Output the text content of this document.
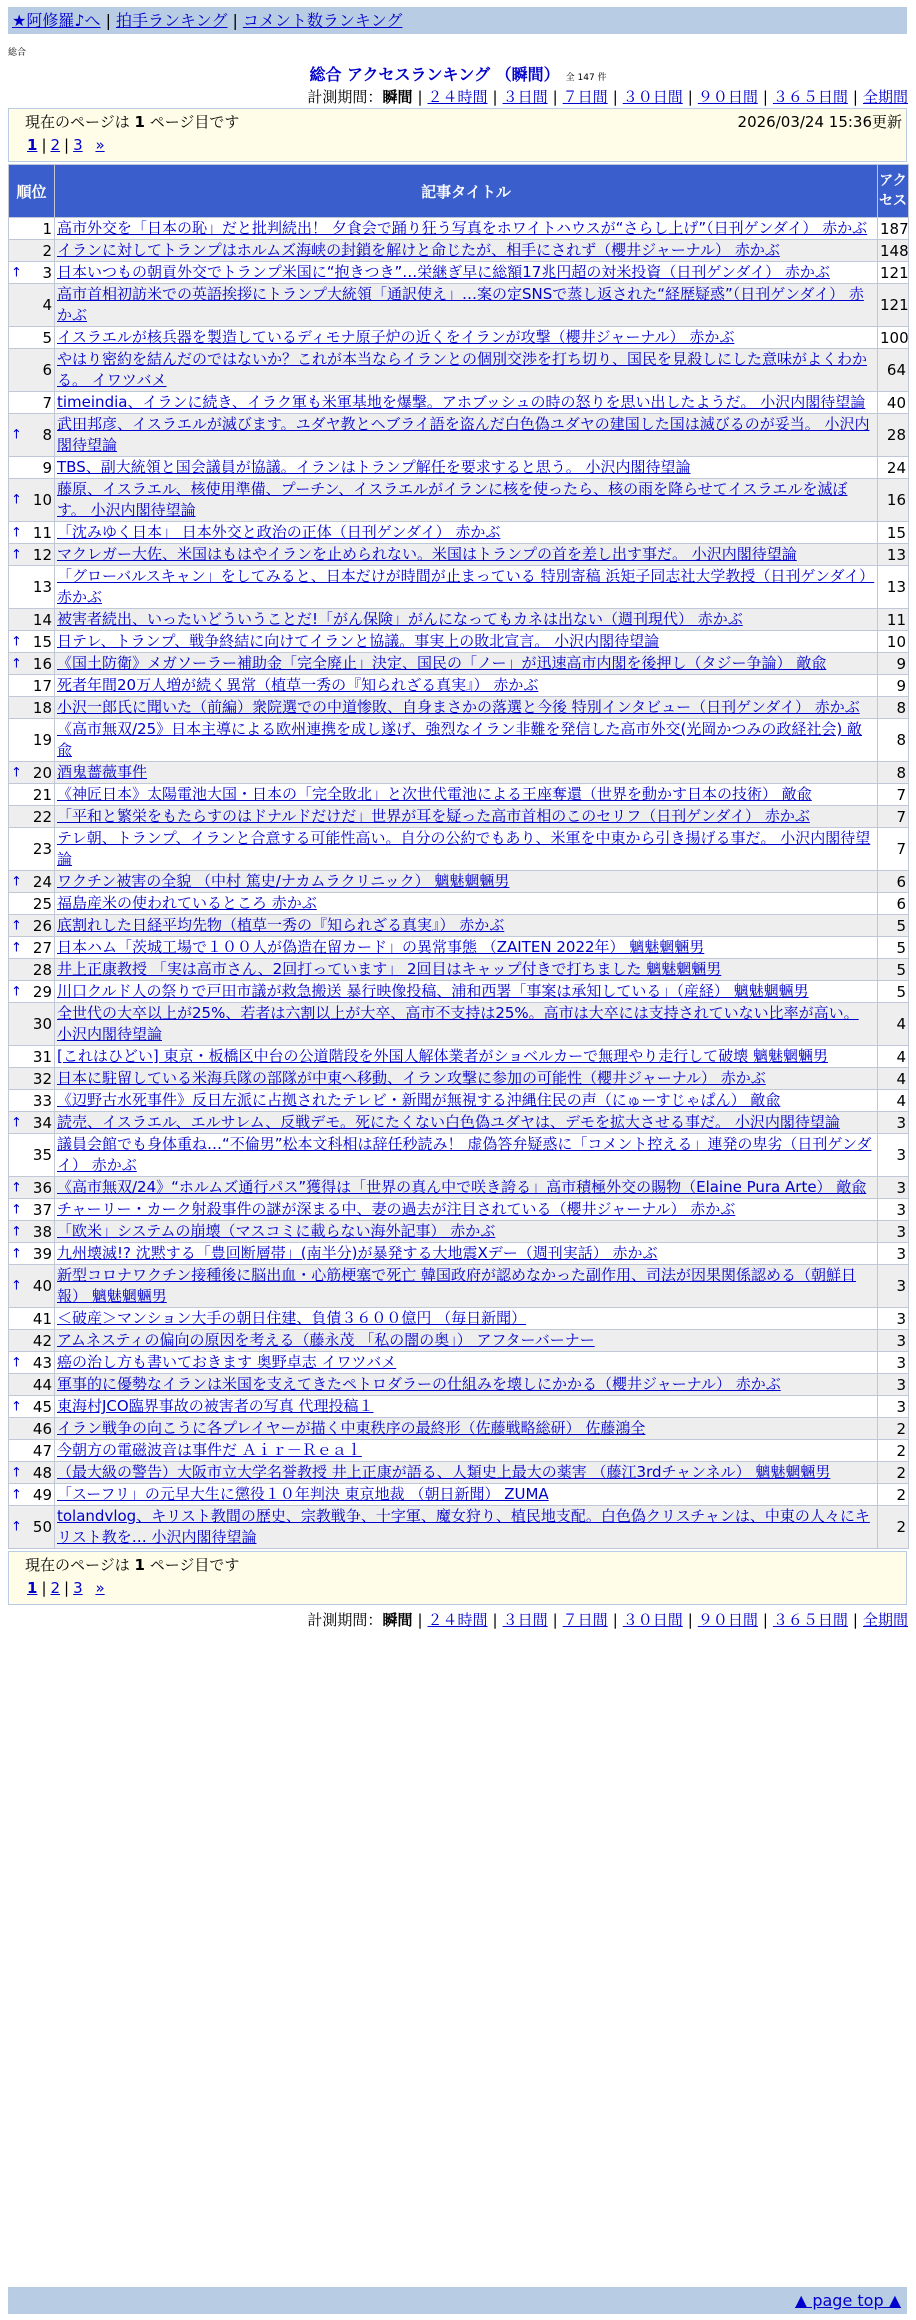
★阿修羅♪へ | 拍手ランキング | コメント数ランキング
総合
総合 アクセスランキング （瞬間） 全 147 件
計測期間：瞬間 | ２４時間 | ３日間 | ７日間 | ３０日間 | ９０日間 | ３６５日間 | 全期間
現在のページは 1 ページ目です	2026/03/24 15:36更新
1 | 2 | 3 »
順位	記事タイトル	アクセス
1	高市外交を「日本の恥」だと批判続出！ 夕食会で踊り狂う写真をホワイトハウスが“さらし上げ”（日刊ゲンダイ） 赤かぶ	187
2	イランに対してトランプはホルムズ海峡の封鎖を解けと命じたが、相手にされず（櫻井ジャーナル） 赤かぶ	148

↑ 3	日本いつもの朝貢外交でトランプ米国に“抱きつき”…栄継ぎ早に総額17兆円超の対米投資（日刊ゲンダイ） 赤かぶ	121
4	高市首相初訪米での英語挨拶にトランプ大統領「通訳使え」…案の定SNSで蒸し返された“経歴疑惑”（日刊ゲンダイ） 赤かぶ	121
5	イスラエルが核兵器を製造しているディモナ原子炉の近くをイランが攻撃（櫻井ジャーナル） 赤かぶ	100
6	やはり密約を結んだのではないか？これが本当ならイランとの個別交渉を打ち切り、国民を見殺しにした意味がよくわかる。 イワツバメ	64
7	timeindia、イランに続き、イラク軍も米軍基地を爆撃。アホブッシュの時の怒りを思い出したようだ。 小沢内閣待望論	40

↑ 8	武田邦彦、イスラエルが滅びます。ユダヤ教とヘブライ語を盗んだ白色偽ユダヤの建国した国は滅びるのが妥当。 小沢内閣待望論	28
9	TBS、副大統領と国会議員が協議。イランはトランプ解任を要求すると思う。 小沢内閣待望論	24

↑ 10	藤原、イスラエル、核使用準備、プーチン、イスラエルがイランに核を使ったら、核の雨を降らせてイスラエルを滅ぼす。 小沢内閣待望論	16

↑ 11	「沈みゆく日本」 日本外交と政治の正体（日刊ゲンダイ） 赤かぶ	15

↑ 12	マクレガー大佐、米国はもはやイランを止められない。米国はトランプの首を差し出す事だ。 小沢内閣待望論	13
13	「グローバルスキャン」をしてみると、日本だけが時間が止まっている 特別寄稿 浜矩子同志社大学教授（日刊ゲンダイ） 赤かぶ	13
14	被害者続出、いったいどういうことだ!「がん保険」がんになってもカネは出ない（週刊現代） 赤かぶ	11

↑ 15	日テレ、トランプ、戦争終結に向けてイランと協議。事実上の敗北宣言。 小沢内閣待望論	10

↑ 16	《国土防衛》メガソーラー補助金「完全廃止」決定、国民の「ノー」が迅速高市内閣を後押し（タジー争論） 敵兪	9
17	死者年間20万人増が続く異常（植草一秀の『知られざる真実』） 赤かぶ	9
18	小沢一郎氏に聞いた（前編）衆院選での中道惨敗、自身まさかの落選と今後 特別インタビュー（日刊ゲンダイ） 赤かぶ	8
19	《高市無双/25》日本主導による欧州連携を成し遂げ、強烈なイラン非難を発信した高市外交(光岡かつみの政経社会) 敵兪	8

↑ 20	酒鬼薔薇事件	8
21	《神匠日本》太陽電池大国・日本の「完全敗北」と次世代電池による王座奪還（世界を動かす日本の技術） 敵兪	7
22	「平和と繁栄をもたらすのはドナルドだけだ」世界が耳を疑った高市首相のこのセリフ（日刊ゲンダイ） 赤かぶ	7
23	テレ朝、トランプ、イランと合意する可能性高い。自分の公約でもあり、米軍を中東から引き揚げる事だ。 小沢内閣待望論	7

↑ 24	ワクチン被害の全貌 （中村 篤史/ナカムラクリニック） 魑魅魍魎男	6
25	福島産米の使われているところ 赤かぶ	6

↑ 26	底割れした日経平均先物（植草一秀の『知られざる真実』） 赤かぶ	5

↑ 27	日本ハム「茨城工場で１００人が偽造在留カード」の異常事態 （ZAITEN 2022年） 魑魅魍魎男	5
28	井上正康教授 「実は高市さん、2回打っています」 2回目はキャップ付きで打ちました 魑魅魍魎男	5

↑ 29	川口クルド人の祭りで戸田市議が救急搬送 暴行映像投稿、浦和西署「事案は承知している」（産経） 魑魅魍魎男	5
30	全世代の大卒以上が25%、若者は六割以上が大卒、高市不支持は25%。高市は大卒には支持されていない比率が高い。 小沢内閣待望論	4
31	[これはひどい] 東京・板橋区中台の公道階段を外国人解体業者がショベルカーで無理やり走行して破壊 魑魅魍魎男	4
32	日本に駐留している米海兵隊の部隊が中東へ移動、イラン攻撃に参加の可能性（櫻井ジャーナル） 赤かぶ	4
33	《辺野古水死事件》反日左派に占拠されたテレビ・新聞が無視する沖縄住民の声（にゅーすじゃぱん） 敵兪	4

↑ 34	読売、イスラエル、エルサレム、反戦デモ。死にたくない白色偽ユダヤは、デモを拡大させる事だ。 小沢内閣待望論	3
35	議員会館でも身体重ね…“不倫男”松本文科相は辞任秒読み！ 虚偽答弁疑惑に「コメント控える」連発の卑劣（日刊ゲンダイ） 赤かぶ	3

↑ 36	《高市無双/24》“ホルムズ通行パス”獲得は「世界の真ん中で咲き誇る」高市積極外交の賜物（Elaine Pura Arte） 敵兪	3

↑ 37	チャーリー・カーク射殺事件の謎が深まる中、妻の過去が注目されている（櫻井ジャーナル） 赤かぶ	3

↑ 38	「欧米」システムの崩壊（マスコミに載らない海外記事） 赤かぶ	3

↑ 39	九州壊滅!? 沈黙する「豊回断層帯」(南半分)が暴発する大地震Xデー（週刊実話） 赤かぶ	3

↑ 40	新型コロナワクチン接種後に脳出血・心筋梗塞で死亡 韓国政府が認めなかった副作用、司法が因果関係認める（朝鮮日報） 魑魅魍魎男	3
41	＜破産＞マンション大手の朝日住建、負債３６００億円 （毎日新聞）	3
42	アムネスティの偏向の原因を考える（藤永茂 「私の闇の奥」） アフターバーナー	3

↑ 43	癌の治し方も書いておきます 奥野卓志 イワツバメ	3
44	軍事的に優勢なイランは米国を支えてきたペトロダラーの仕組みを壊しにかかる（櫻井ジャーナル） 赤かぶ	3

↑ 45	東海村JCO臨界事故の被害者の写真 代理投稿１	3
46	イラン戦争の向こうに各プレイヤーが描く中東秩序の最終形（佐藤戦略総研） 佐藤鴻全	2
47	今朝方の電磁波音は事件だ Ａｉｒ－Ｒｅａｌ	2

↑ 48	（最大級の警告）大阪市立大学名誉教授 井上正康が語る、人類史上最大の薬害 （藤江3rdチャンネル） 魑魅魍魎男	2

↑ 49	「スーフリ」の元早大生に懲役１０年判決 東京地裁 （朝日新聞） ZUMA	2

↑ 50	tolandvlog、キリスト教間の歴史、宗教戦争、十字軍、魔女狩り、植民地支配。白色偽クリスチャンは、中東の人々にキリスト教を… 小沢内閣待望論	2
現在のページは 1 ページ目です
1 | 2 | 3 »
計測期間：瞬間 | ２４時間 | ３日間 | ７日間 | ３０日間 | ９０日間 | ３６５日間 | 全期間
▲ page top ▲
